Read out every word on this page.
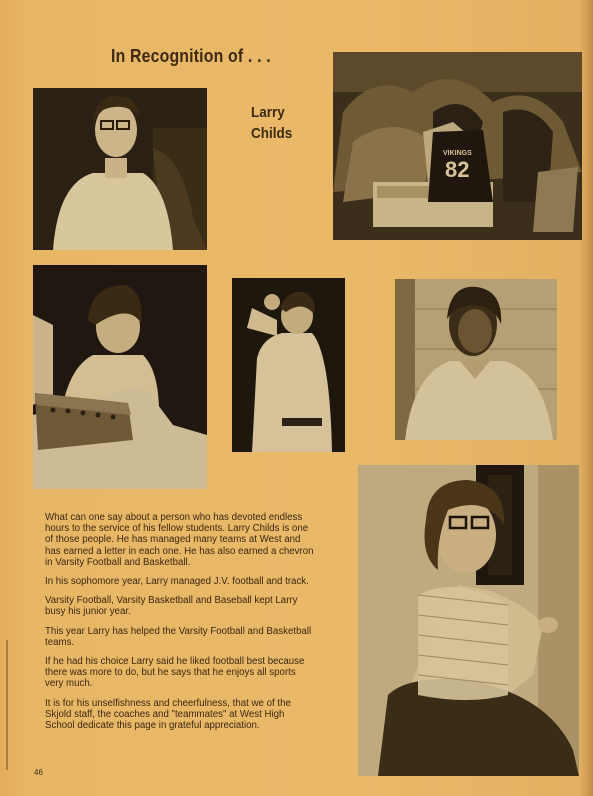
In Recognition of . . .
Larry
Childs
VIKINGS
82

What can one say about a person who has devoted endless hours to the service of his fellow students. Larry Childs is one of those people. He has managed many teams at West and has earned a letter in each one. He has also earned a chevron in Varsity Football and Basketball.

In his sophomore year, Larry managed J.V. football and track.

Varsity Football, Varsity Basketball and Baseball kept Larry busy his junior year.

This year Larry has helped the Varsity Football and Basketball teams.

If he had his choice Larry said he liked football best because there was more to do, but he says that he enjoys all sports very much.

It is for his unselfishness and cheerfulness, that we of the Skjold staff, the coaches and "teammates" at West High School dedicate this page in grateful appreciation.

46
